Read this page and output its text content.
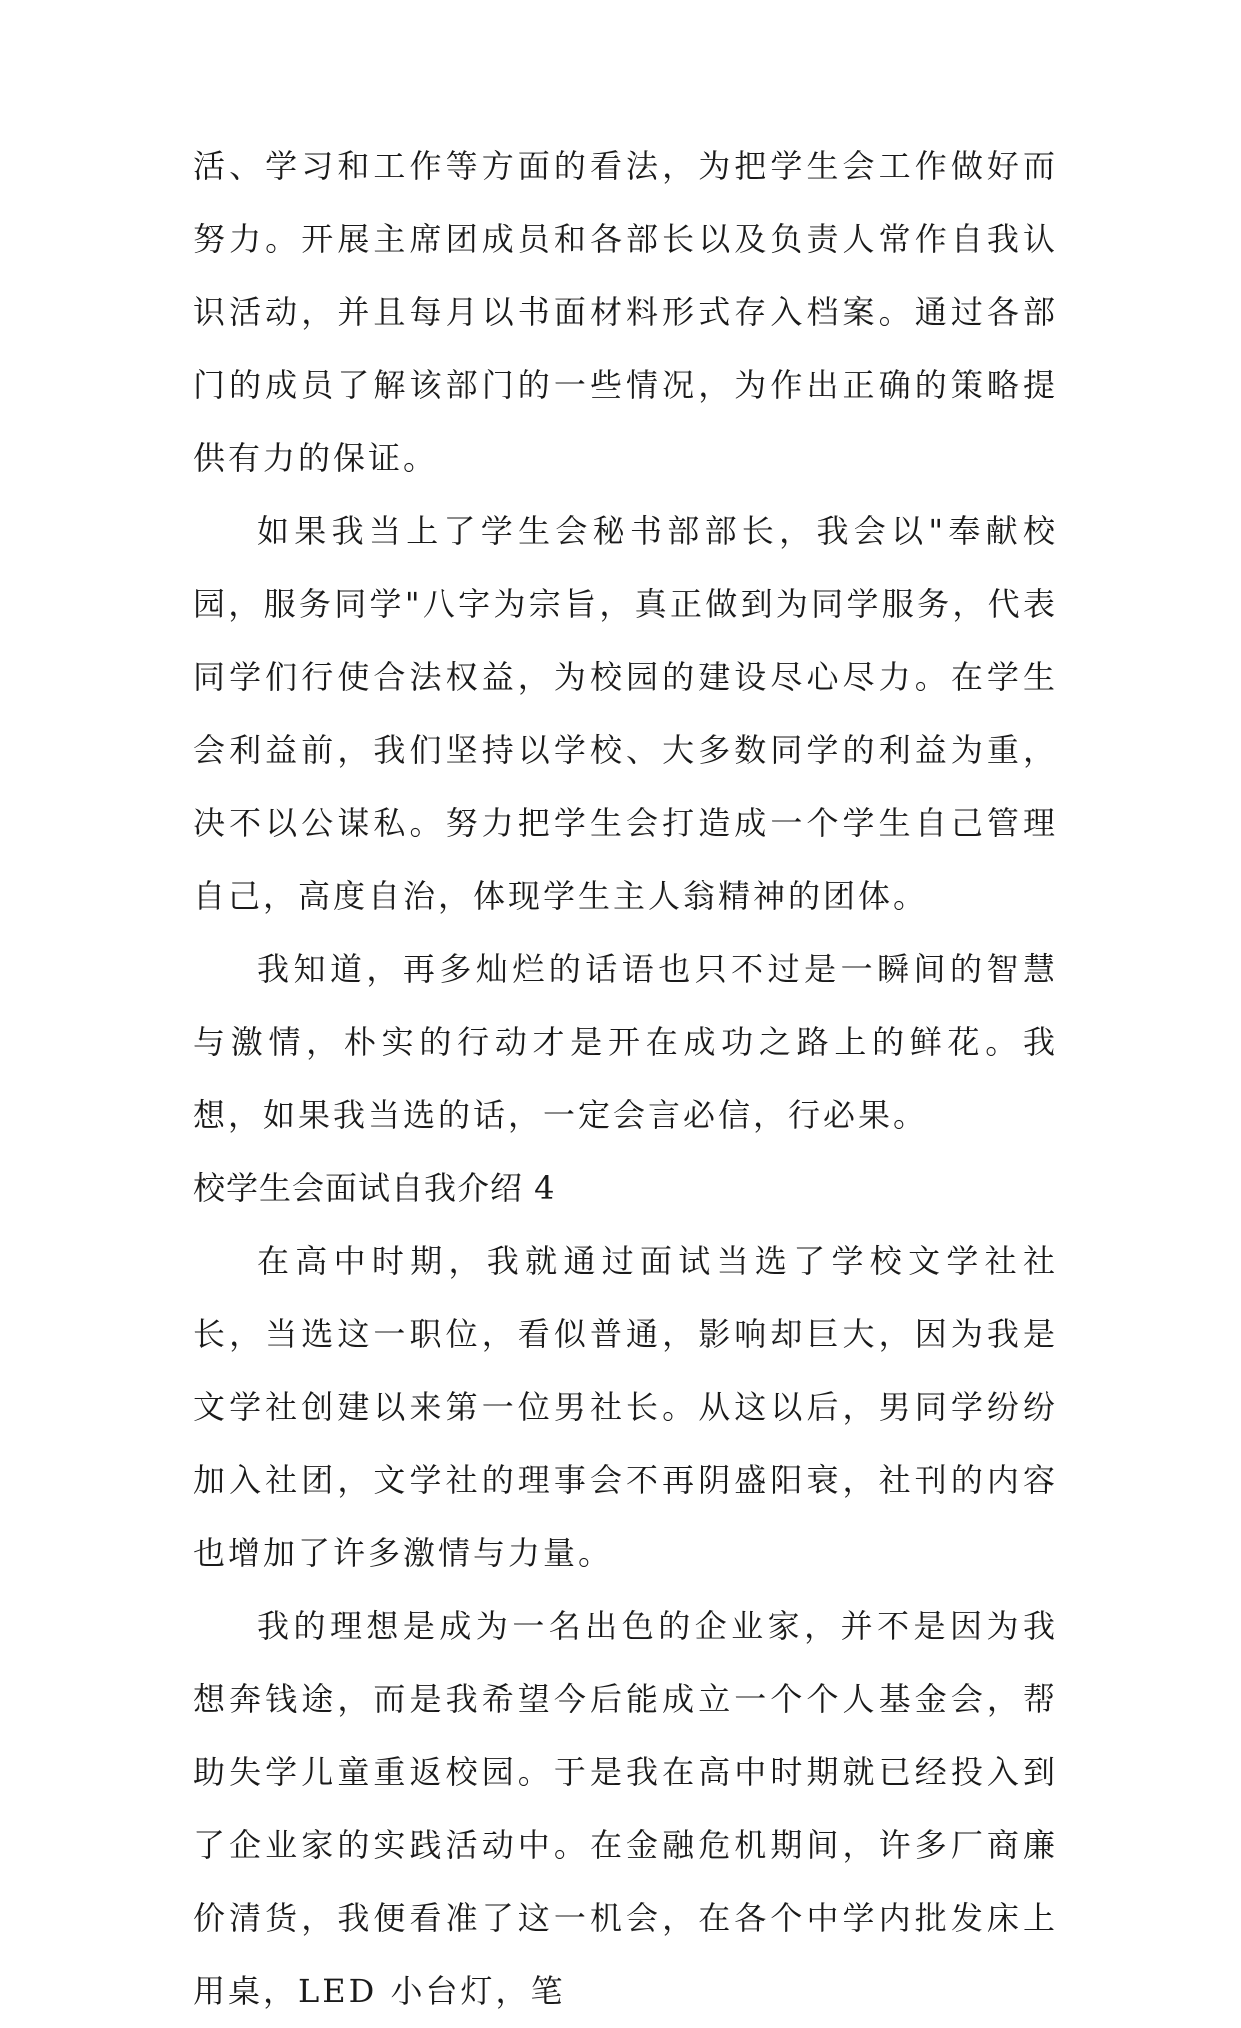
活、学习和工作等方面的看法，为把学生会工作做好而努力。开展主席团成员和各部长以及负责人常作自我认识活动，并且每月以书面材料形式存入档案。通过各部门的成员了解该部门的一些情况，为作出正确的策略提供有力的保证。

如果我当上了学生会秘书部部长，我会以"奉献校园，服务同学"八字为宗旨，真正做到为同学服务，代表同学们行使合法权益，为校园的建设尽心尽力。在学生会利益前，我们坚持以学校、大多数同学的利益为重，决不以公谋私。努力把学生会打造成一个学生自己管理自己，高度自治，体现学生主人翁精神的团体。

我知道，再多灿烂的话语也只不过是一瞬间的智慧与激情，朴实的行动才是开在成功之路上的鲜花。我想，如果我当选的话，一定会言必信，行必果。

校学生会面试自我介绍 4

在高中时期，我就通过面试当选了学校文学社社长，当选这一职位，看似普通，影响却巨大，因为我是文学社创建以来第一位男社长。从这以后，男同学纷纷加入社团，文学社的理事会不再阴盛阳衰，社刊的内容也增加了许多激情与力量。

我的理想是成为一名出色的企业家，并不是因为我想奔钱途，而是我希望今后能成立一个个人基金会，帮助失学儿童重返校园。于是我在高中时期就已经投入到了企业家的实践活动中。在金融危机期间，许多厂商廉价清货，我便看准了这一机会，在各个中学内批发床上用桌，LED 小台灯，笔
